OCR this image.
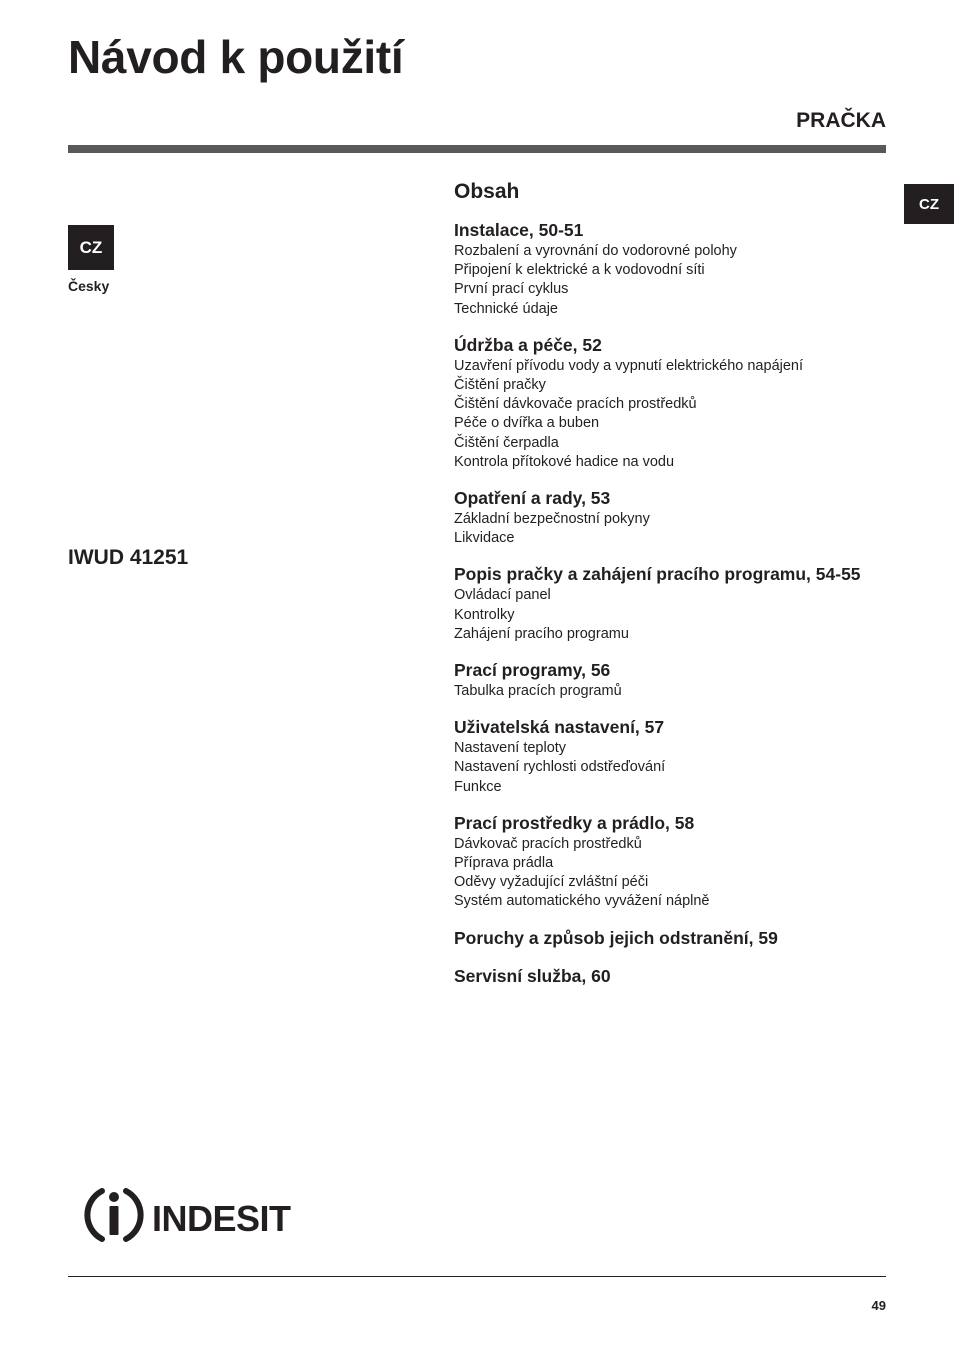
Návod k použití
PRAČKA
CZ
Česky
CZ
IWUD 41251
Obsah
Instalace, 50-51
Rozbalení a vyrovnání do vodorovné polohy
Připojení k elektrické a k vodovodní síti
První prací cyklus
Technické údaje
Údržba a péče, 52
Uzavření přívodu vody a vypnutí elektrického napájení
Čištění pračky
Čištění dávkovače pracích prostředků
Péče o dvířka a buben
Čištění čerpadla
Kontrola přítokové hadice na vodu
Opatření a rady, 53
Základní bezpečnostní pokyny
Likvidace
Popis pračky a zahájení pracího programu, 54-55
Ovládací panel
Kontrolky
Zahájení pracího programu
Prací programy, 56
Tabulka pracích programů
Uživatelská nastavení, 57
Nastavení teploty
Nastavení rychlosti odstřeďování
Funkce
Prací prostředky a prádlo, 58
Dávkovač pracích prostředků
Příprava prádla
Oděvy vyžadující zvláštní péči
Systém automatického vyvážení náplně
Poruchy a způsob jejich odstranění, 59
Servisní služba, 60
INDESIT
49
